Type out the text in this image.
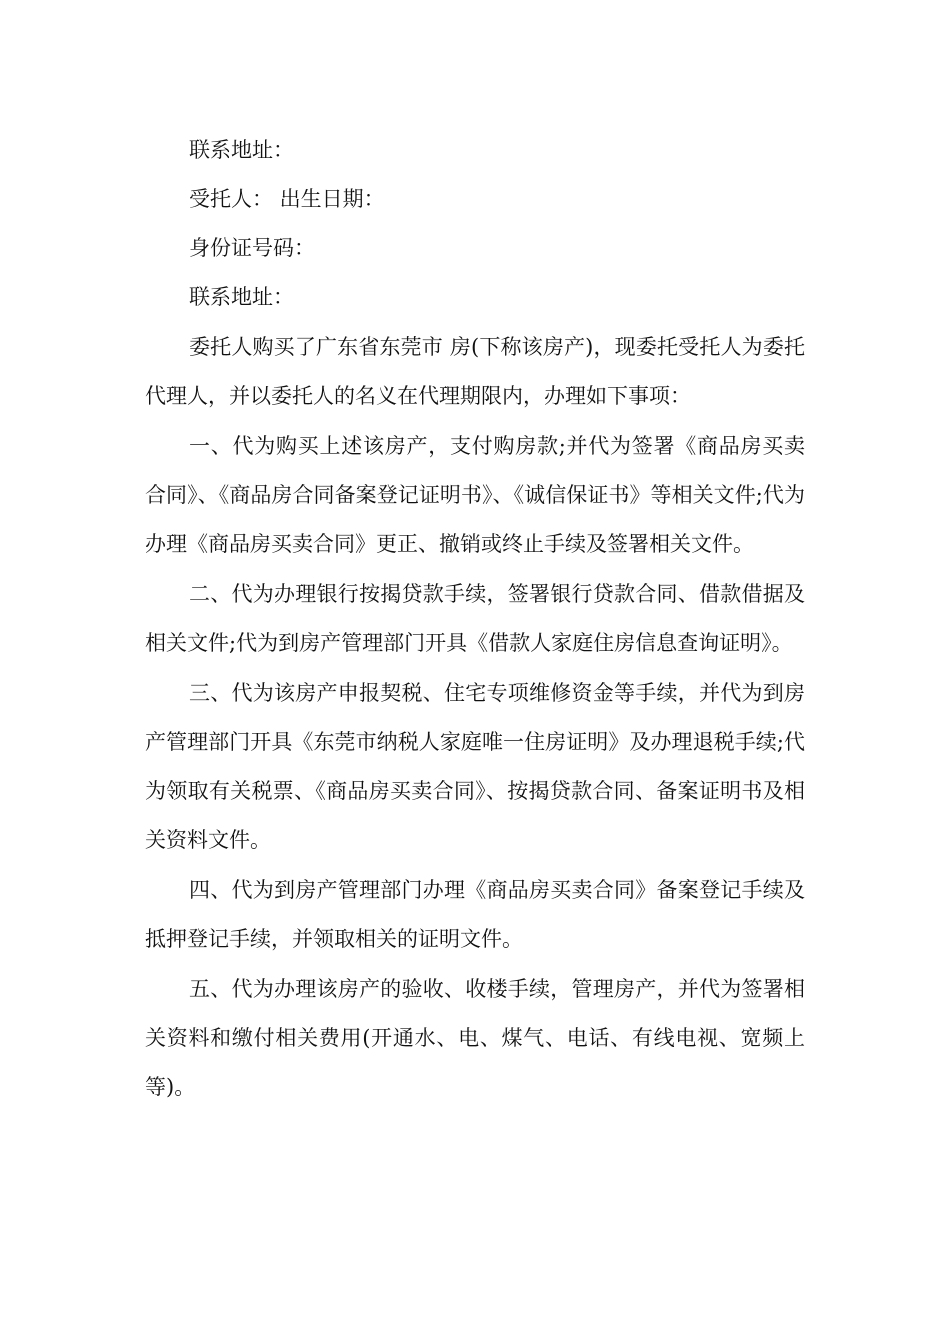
联系地址：

受托人： 出生日期：

身份证号码：

联系地址：

委托人购买了广东省东莞市 房(下称该房产)，现委托受托人为委托代理人，并以委托人的名义在代理期限内，办理如下事项：

一、代为购买上述该房产，支付购房款;并代为签署《商品房买卖合同》、《商品房合同备案登记证明书》、《诚信保证书》等相关文件;代为办理《商品房买卖合同》更正、撤销或终止手续及签署相关文件。

二、代为办理银行按揭贷款手续，签署银行贷款合同、借款借据及相关文件;代为到房产管理部门开具《借款人家庭住房信息查询证明》。

三、代为该房产申报契税、住宅专项维修资金等手续，并代为到房产管理部门开具《东莞市纳税人家庭唯一住房证明》及办理退税手续;代为领取有关税票、《商品房买卖合同》、按揭贷款合同、备案证明书及相关资料文件。

四、代为到房产管理部门办理《商品房买卖合同》备案登记手续及抵押登记手续，并领取相关的证明文件。

五、代为办理该房产的验收、收楼手续，管理房产，并代为签署相关资料和缴付相关费用(开通水、电、煤气、电话、有线电视、宽频上等)。
